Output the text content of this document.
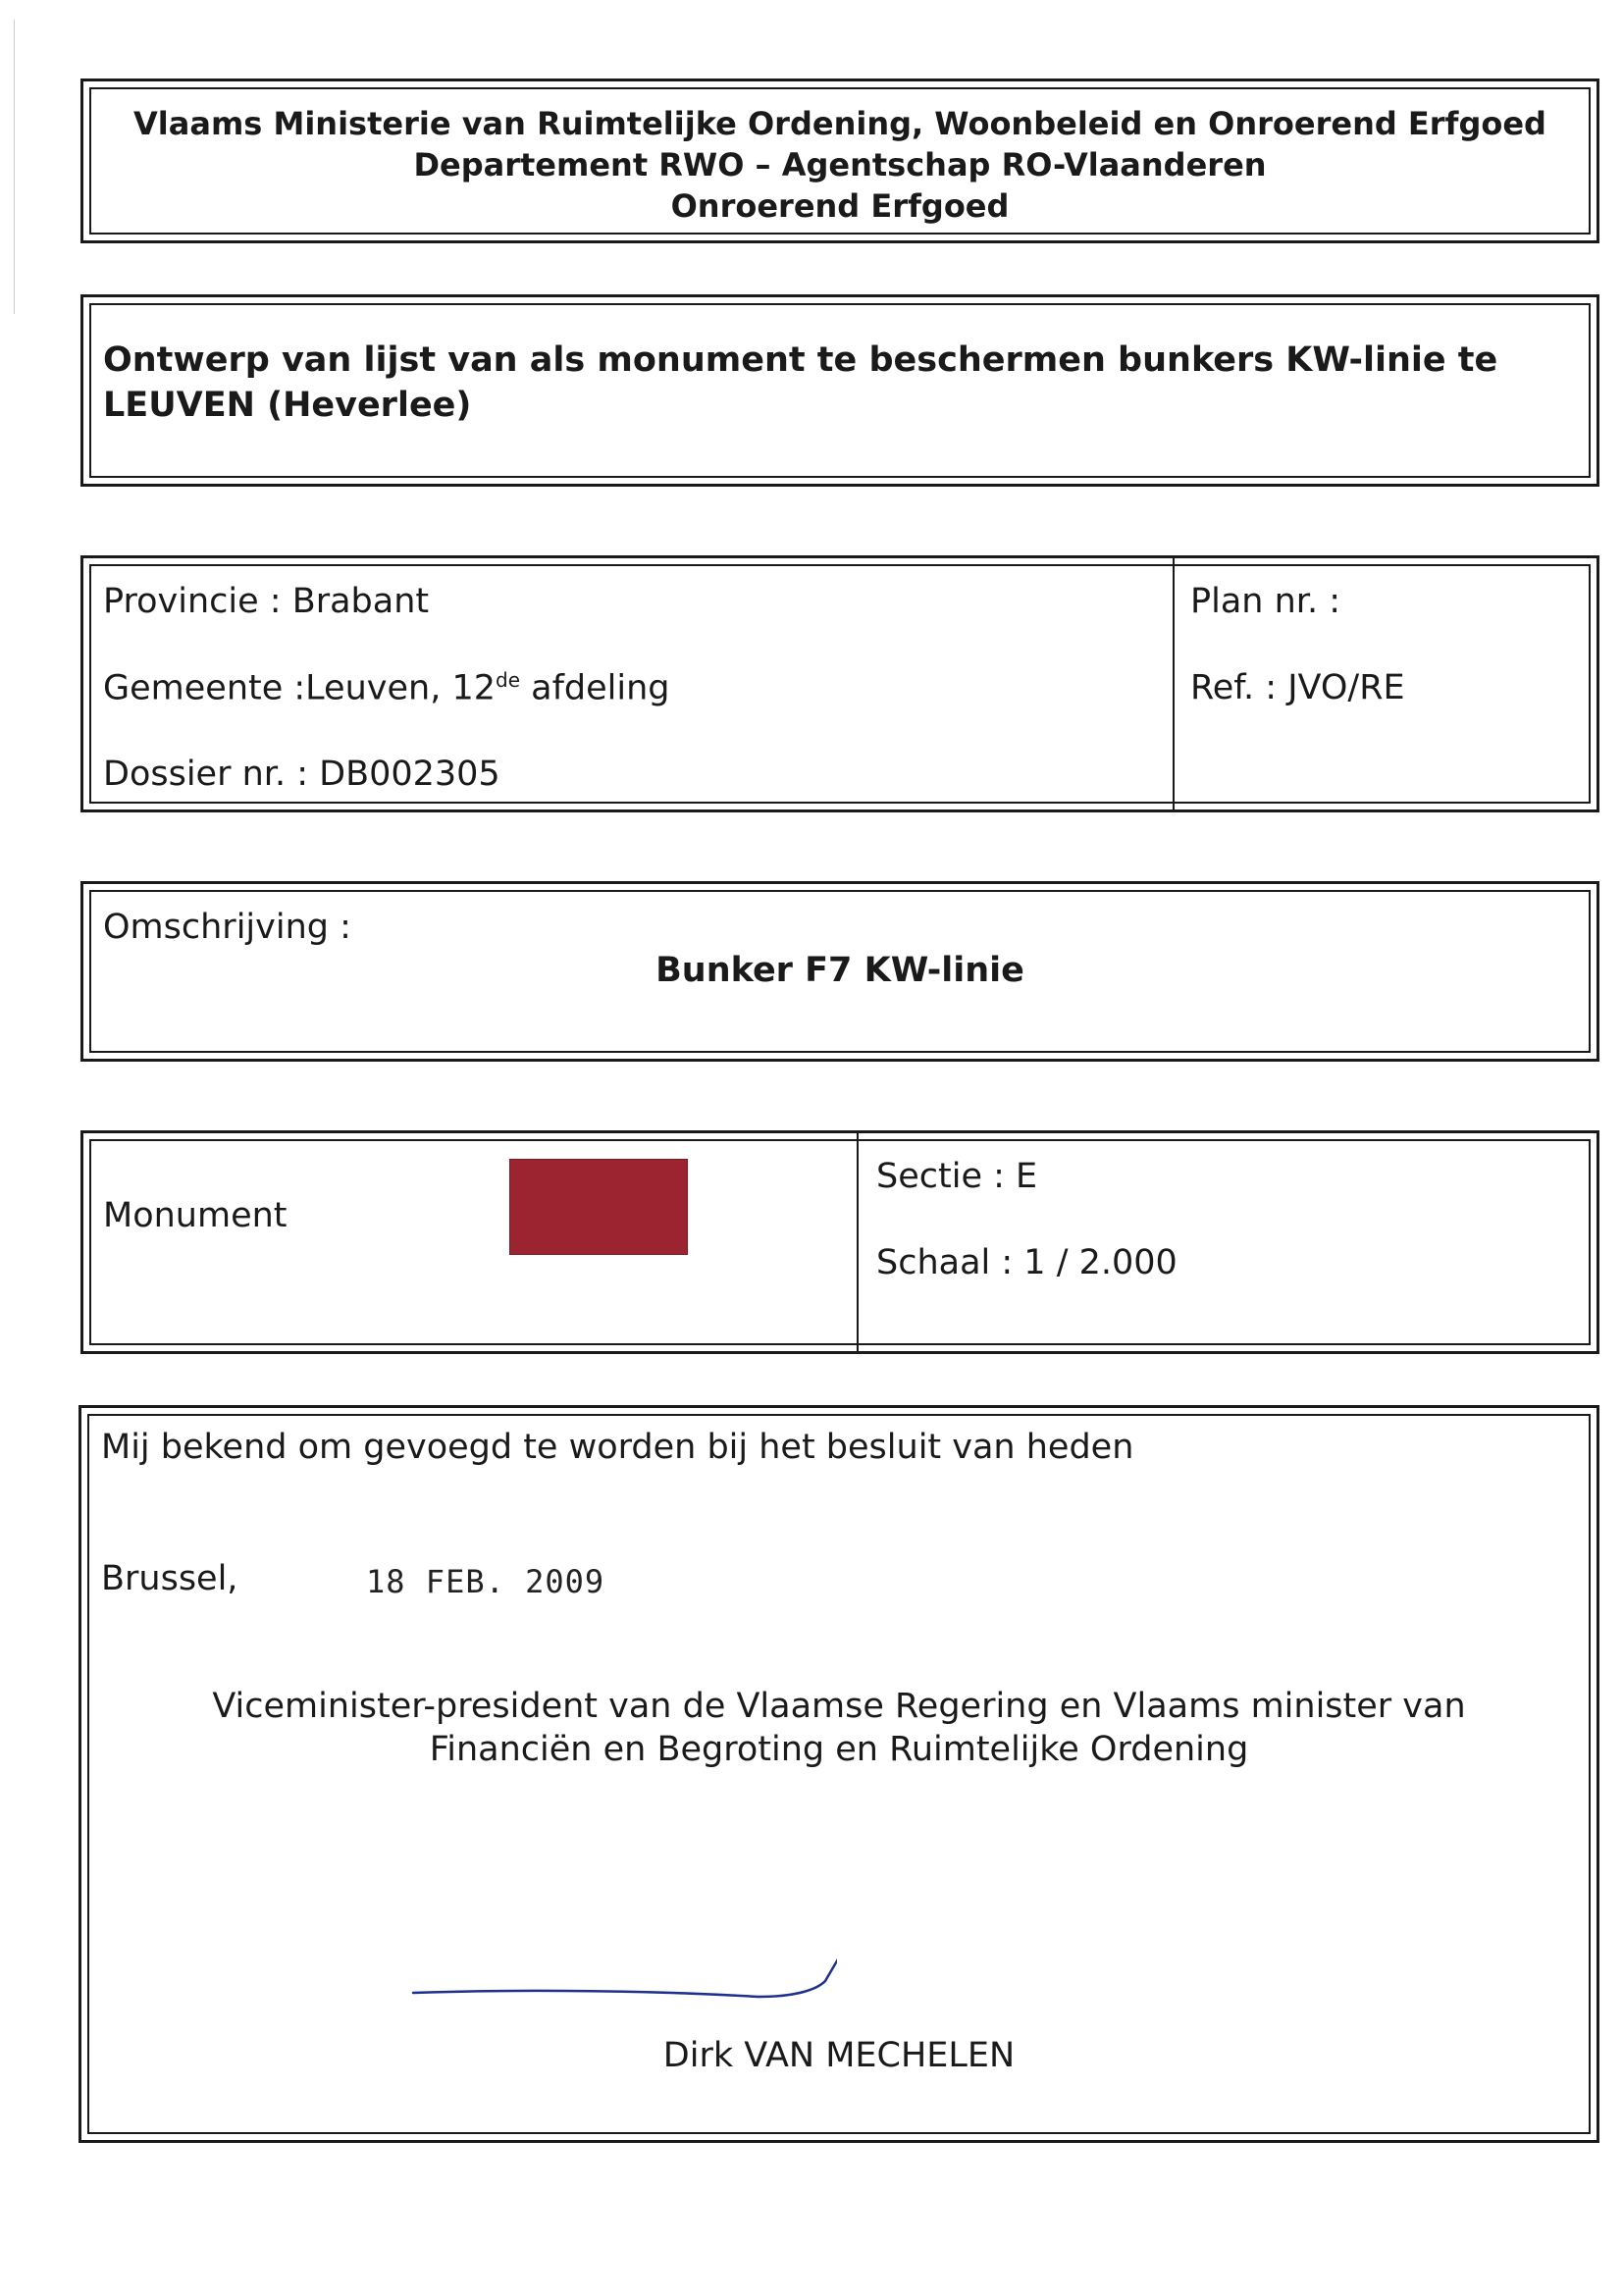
Vlaams Ministerie van Ruimtelijke Ordening, Woonbeleid en Onroerend Erfgoed
Departement RWO – Agentschap RO-Vlaanderen
Onroerend Erfgoed
Ontwerp van lijst van als monument te beschermen bunkers KW-linie te
LEUVEN (Heverlee)
Provincie : Brabant
Gemeente :Leuven, 12de afdeling
Dossier nr. : DB002305
Plan nr. :
Ref. : JVO/RE
Omschrijving :
Bunker F7 KW-linie
Monument
Sectie : E
Schaal : 1 / 2.000
Mij bekend om gevoegd te worden bij het besluit van heden
Brussel,	18 FEB. 2009
Viceminister-president van de Vlaamse Regering en Vlaams minister van
Financiën en Begroting en Ruimtelijke Ordening
Dirk VAN MECHELEN
